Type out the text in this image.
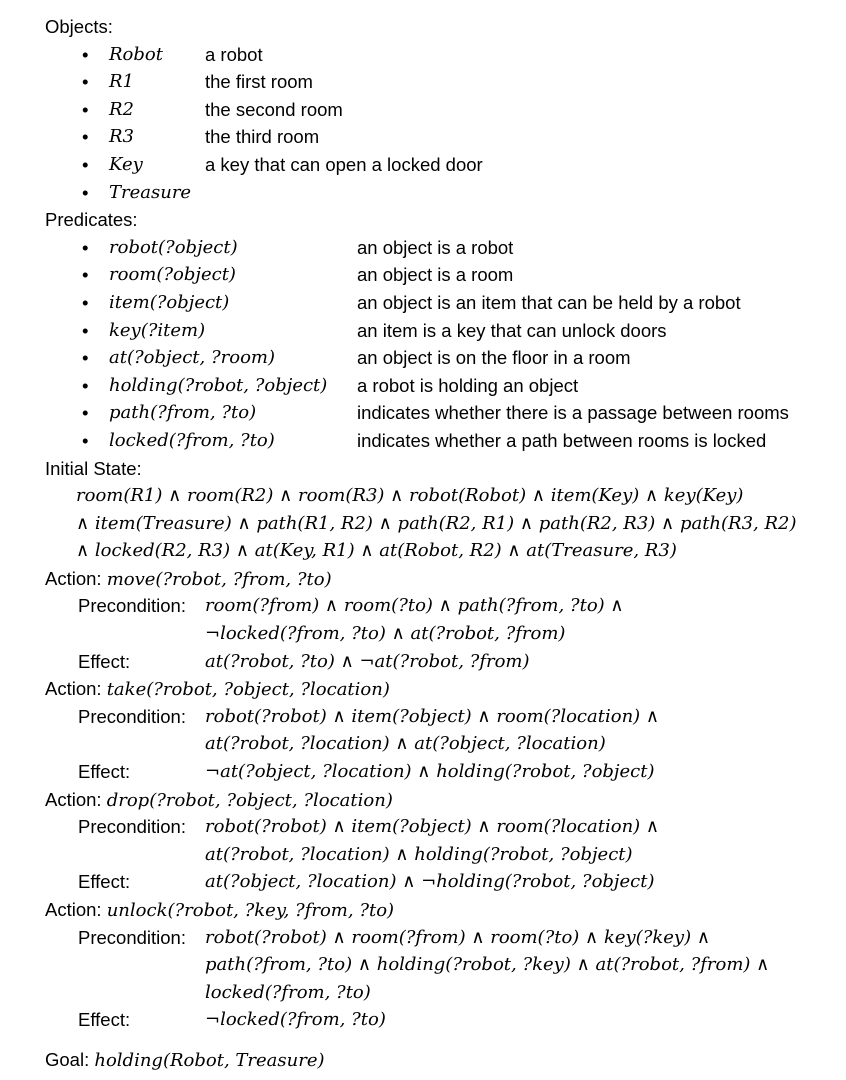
Objects:
• Robot a robot
• R1	the first room
• R2	the second room
• R3	the third room
• Key	a key that can open a locked door
• Treasure
Predicates:
• robot(?object)	an object is a robot
• room(?object)	an object is a room
• item(?object)	an object is an item that can be held by a robot
• key(?item)	an item is a key that can unlock doors
• at(?object, ?room)	an object is on the floor in a room
• holding(?robot, ?object) a robot is holding an object
• path(?from, ?to)	indicates whether there is a passage between rooms
• locked(?from, ?to)	indicates whether a path between rooms is locked
Initial State:
room(R1) ∧ room(R2) ∧ room(R3) ∧ robot(Robot) ∧ item(Key) ∧ key(Key)
∧ item(Treasure) ∧ path(R1, R2) ∧ path(R2, R1) ∧ path(R2, R3) ∧ path(R3, R2)
∧ locked(R2, R3) ∧ at(Key, R1) ∧ at(Robot, R2) ∧ at(Treasure, R3)
Action: move(?robot, ?from, ?to)
Precondition: room(?from) ∧ room(?to) ∧ path(?from, ?to) ∧
¬locked(?from, ?to) ∧ at(?robot, ?from)
Effect:	at(?robot, ?to) ∧ ¬at(?robot, ?from)
Action: take(?robot, ?object, ?location)
Precondition: robot(?robot) ∧ item(?object) ∧ room(?location) ∧
at(?robot, ?location) ∧ at(?object, ?location)
Effect:	¬at(?object, ?location) ∧ holding(?robot, ?object)
Action: drop(?robot, ?object, ?location)
Precondition: robot(?robot) ∧ item(?object) ∧ room(?location) ∧
at(?robot, ?location) ∧ holding(?robot, ?object)
Effect:	at(?object, ?location) ∧ ¬holding(?robot, ?object)
Action: unlock(?robot, ?key, ?from, ?to)
Precondition: robot(?robot) ∧ room(?from) ∧ room(?to) ∧ key(?key) ∧
path(?from, ?to) ∧ holding(?robot, ?key) ∧ at(?robot, ?from) ∧
locked(?from, ?to)
Effect:	¬locked(?from, ?to)
Goal: holding(Robot, Treasure)
